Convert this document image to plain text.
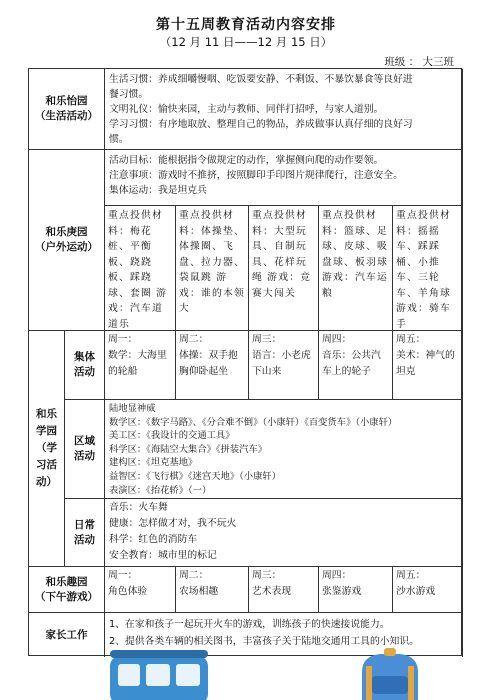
第十五周教育活动内容安排
（12 月 11 日——12 月 15 日）
班级 ： 大三班
和乐怡园
（生活活动）
生活习惯：养成细嚼慢咽、吃饭要安静、不剩饭、不暴饮暴食等良好进
餐习惯。
文明礼仪：愉快来园，主动与教师、同伴打招呼，与家人道别。
学习习惯：有序地取放、整理自己的物品，养成做事认真仔细的良好习
惯。
和乐庚园
（户外运动）
活动目标：能根据指令做规定的动作，掌握侧向爬的动作要领。
注意事项：游戏时不推挤，按照脚印手印图片规律爬行，注意安全。
集体运动：我是坦克兵
重点投供材料：梅花桩、平衡板、跷跷板、踩跷球、套圈 游戏：汽车道道乐
重点投供材料：体操垫、体操圈、飞盘、拉力器、袋鼠跳 游戏：谁的本领大
重点投供材料：大型玩具、自制玩具、花样玩绳 游戏：竞赛大闯关
重点投供材料：篮球、足球、皮球、吸盘球、板羽球 游戏：汽车运粮
重点投供材料：摇摇车、踩踩桶、小推车、三轮车、羊角球 游戏：骑车手
和乐
学园
（学
习活
动）
集体
活动
周一：
数学：大海里的轮船
周二：
体操：双手抱胸仰卧起坐
周三：
语言：小老虎下山来
周四：
音乐：公共汽车上的轮子
周五：
美术：神气的坦克
区域
活动
陆地显神威
数学区：《数字马路》、《分合难不倒》（小康轩）《百变货车》（小康轩）
美工区：《我设计的交通工具》
科学区：《海陆空大集合》《拼装汽车》
建构区：《坦克基地》
益智区：《飞行棋》《迷宫天地》（小康轩）
表演区：《抬花轿》（一）
日常
活动
音乐：火车舞
健康：怎样做才对，我不玩火
科学：红色的消防车
安全教育：城市里的标记
和乐趣园
（下午游戏）
周一：
角色体验
周二：
农场相趣
周三：
艺术表现
周四：
张鉴游戏
周五：
沙水游戏
家长工作
1、在家和孩子一起玩开火车的游戏，训练孩子的快速接说能力。
2、提供各类车辆的相关图书，丰富孩子关于陆地交通用工具的小知识。
